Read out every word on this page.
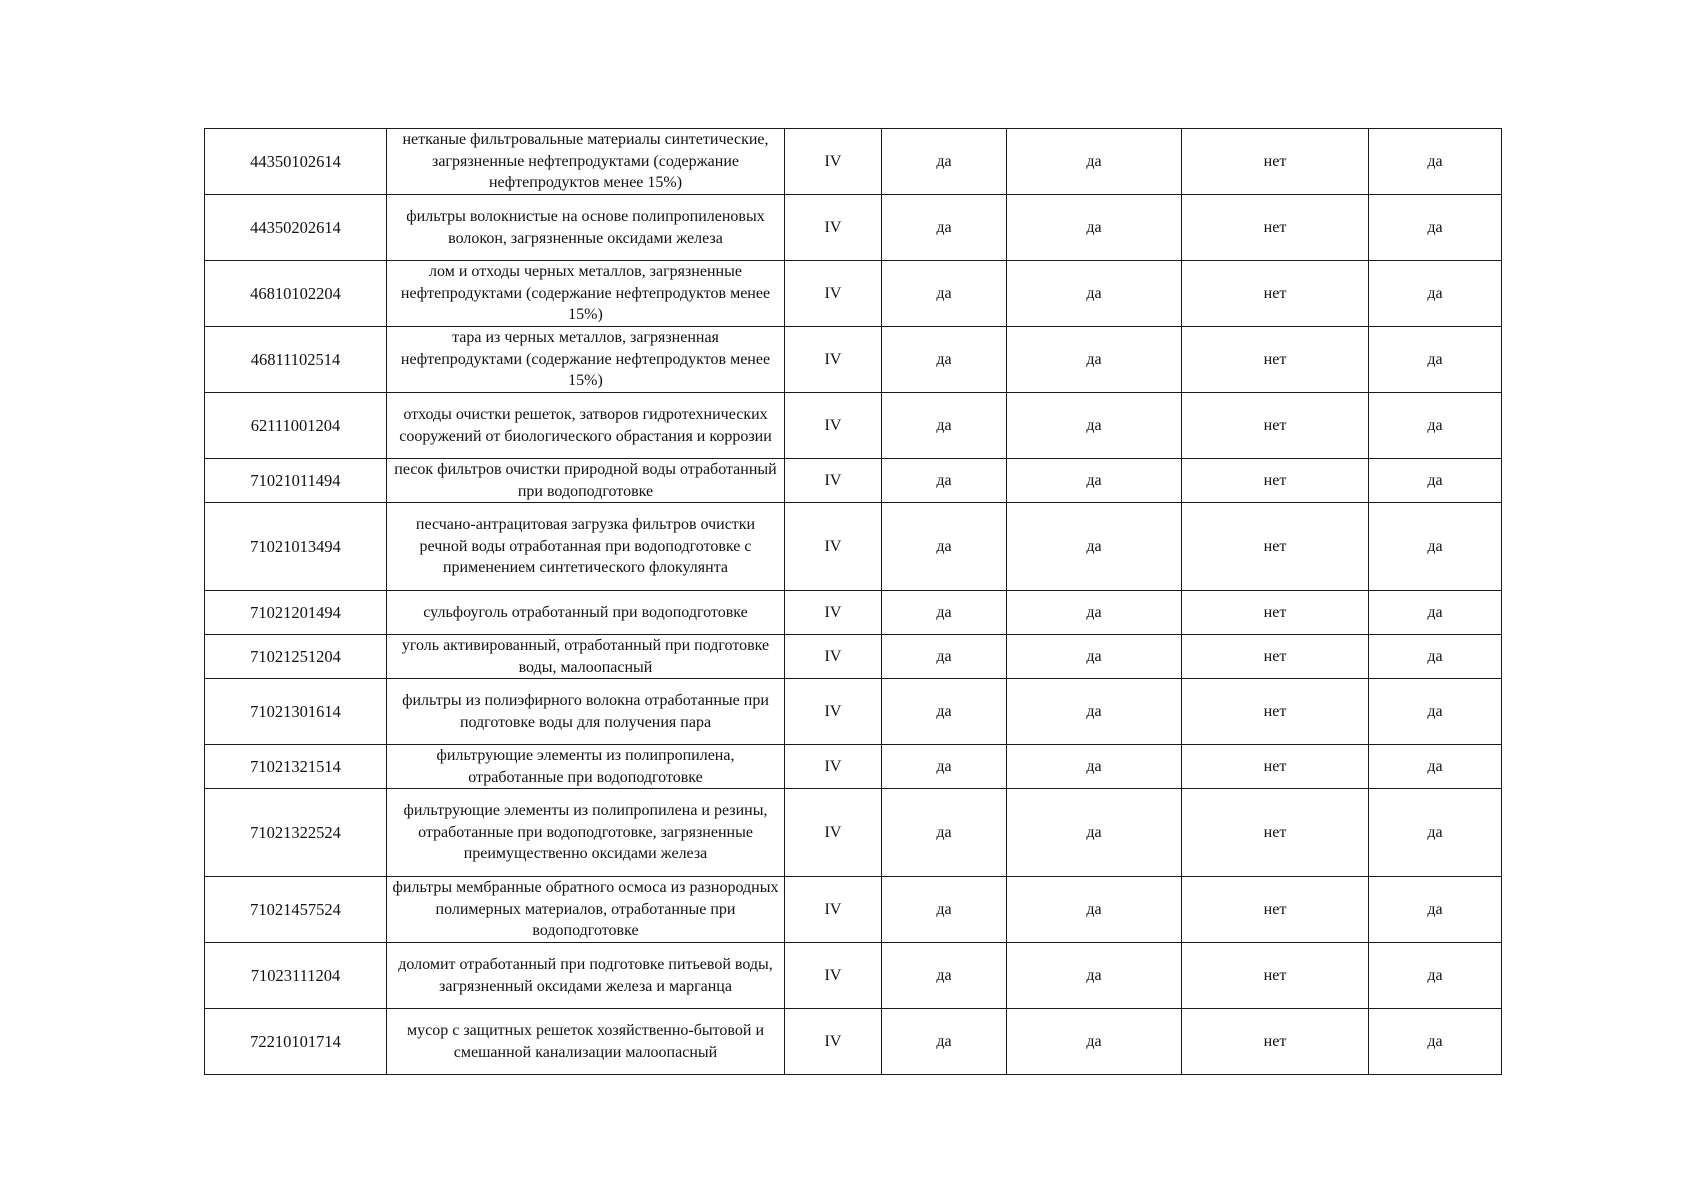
44350102614	нетканые фильтровальные материалы синтетические, загрязненные нефтепродуктами (содержание нефтепродуктов менее 15%)	IV	да	да	нет	да
44350202614	фильтры волокнистые на основе полипропиленовых волокон, загрязненные оксидами железа	IV	да	да	нет	да
46810102204	лом и отходы черных металлов, загрязненные нефтепродуктами (содержание нефтепродуктов менее 15%)	IV	да	да	нет	да
46811102514	тара из черных металлов, загрязненная нефтепродуктами (содержание нефтепродуктов менее 15%)	IV	да	да	нет	да
62111001204	отходы очистки решеток, затворов гидротехнических сооружений от биологического обрастания и коррозии	IV	да	да	нет	да
71021011494	песок фильтров очистки природной воды отработанный при водоподготовке	IV	да	да	нет	да
71021013494	песчано-антрацитовая загрузка фильтров очистки речной воды отработанная при водоподготовке с применением синтетического флокулянта	IV	да	да	нет	да
71021201494	сульфоуголь отработанный при водоподготовке	IV	да	да	нет	да
71021251204	уголь активированный, отработанный при подготовке воды, малоопасный	IV	да	да	нет	да
71021301614	фильтры из полиэфирного волокна отработанные при подготовке воды для получения пара	IV	да	да	нет	да
71021321514	фильтрующие элементы из полипропилена, отработанные при водоподготовке	IV	да	да	нет	да
71021322524	фильтрующие элементы из полипропилена и резины, отработанные при водоподготовке, загрязненные преимущественно оксидами железа	IV	да	да	нет	да
71021457524	фильтры мембранные обратного осмоса из разнородных полимерных материалов, отработанные при водоподготовке	IV	да	да	нет	да
71023111204	доломит отработанный при подготовке питьевой воды, загрязненный оксидами железа и марганца	IV	да	да	нет	да
72210101714	мусор с защитных решеток хозяйственно-бытовой и смешанной канализации малоопасный	IV	да	да	нет	да
